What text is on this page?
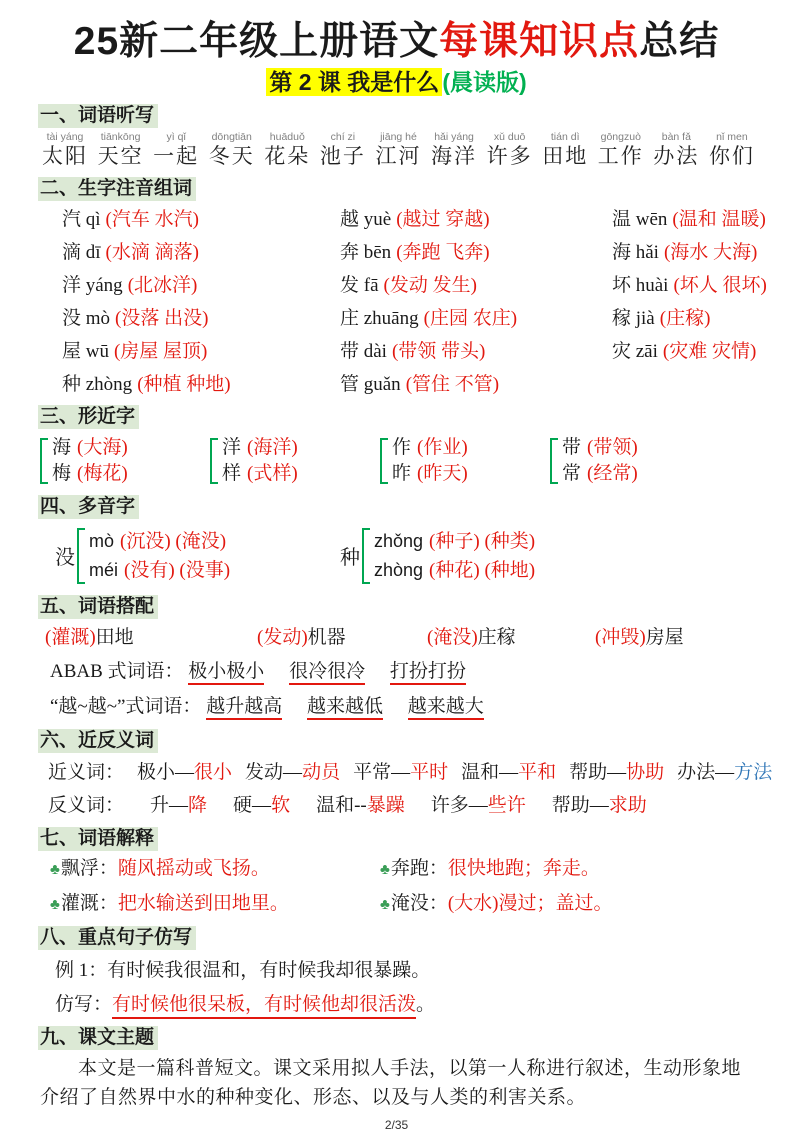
25新二年级上册语文每课知识点总结
第 2 课 我是什么 (晨读版)
一、词语听写
tài yáng
太阳
tiānkōng
天空
yì qǐ
一起
dōngtiān
冬天
huāduǒ
花朵
chí zi
池子
jiāng hé
江河
hǎi yáng
海洋
xǔ duō
许多
tián dì
田地
gōngzuò
工作
bàn fǎ
办法
nǐ men
你们
二、生字注音组词
汽 qì (汽车 水汽)	越 yuè (越过 穿越)	温 wēn (温和 温暖)
滴 dī (水滴 滴落)	奔 bēn (奔跑 飞奔)	海 hǎi (海水 大海)
洋 yáng (北冰洋)	发 fā (发动 发生)	坏 huài (坏人 很坏)
没 mò (没落 出没)	庄 zhuāng (庄园 农庄)	稼 jià (庄稼)
屋 wū (房屋 屋顶)	带 dài (带领 带头)	灾 zāi (灾难 灾情)
种 zhòng (种植 种地)	管 guǎn (管住 不管)
三、形近字
海 (大海)
梅 (梅花)
洋 (海洋)
样 (式样)
作 (作业)
昨 (昨天)
带 (带领)
常 (经常)
四、多音字
没
mò (沉没) (淹没)
méi (没有) (没事)
种
zhǒng (种子) (种类)
zhòng (种花) (种地)
五、词语搭配
(灌溉)田地	(发动)机器	(淹没)庄稼	(冲毁)房屋
ABAB 式词语： 极小极小 很冷很冷 打扮打扮
“越~越~”式词语： 越升越高 越来越低 越来越大
六、近反义词
近义词： 极小—很小 发动—动员 平常—平时 温和—平和 帮助—协助 办法—方法
反义词： 升—降 硬—软 温和--暴躁 许多—些许 帮助—求助
七、词语解释
♣飘浮：随风摇动或飞扬。	♣奔跑：很快地跑；奔走。
♣灌溉：把水输送到田地里。	♣淹没：(大水)漫过；盖过。
八、重点句子仿写
例 1：有时候我很温和，有时候我却很暴躁。
仿写：有时候他很呆板，有时候他却很活泼。
九、课文主题

本文是一篇科普短文。课文采用拟人手法，以第一人称进行叙述，生动形象地介绍了自然界中水的种种变化、形态、以及与人类的利害关系。

2/35
